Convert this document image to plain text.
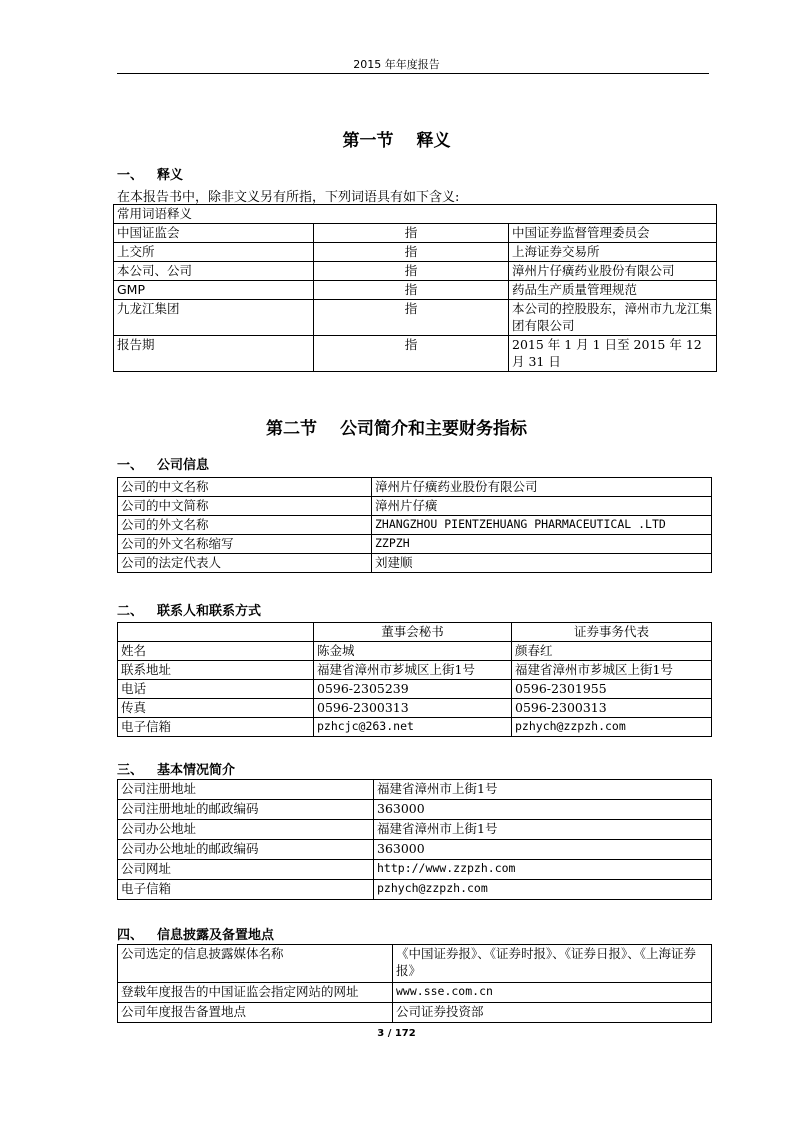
2015 年年度报告
第一节　 释义
一、 释义
在本报告书中，除非文义另有所指，下列词语具有如下含义:
常用词语释义		
中国证监会	指	中国证券监督管理委员会
上交所	指	上海证券交易所
本公司、公司	指	漳州片仔癀药业股份有限公司
GMP	指	药品生产质量管理规范
九龙江集团	指	本公司的控股股东，漳州市九龙江集团有限公司
报告期	指	2015 年 1 月 1 日至 2015 年 12 月 31 日
第二节　 公司简介和主要财务指标
一、 公司信息
公司的中文名称	漳州片仔癀药业股份有限公司
公司的中文简称	漳州片仔癀
公司的外文名称	ZHANGZHOU PIENTZEHUANG PHARMACEUTICAL .LTD
公司的外文名称缩写	ZZPZH
公司的法定代表人	刘建顺
二、 联系人和联系方式
	董事会秘书	证券事务代表
姓名	陈金城	颜春红
联系地址	福建省漳州市芗城区上街1号	福建省漳州市芗城区上街1号
电话	0596-2305239	0596-2301955
传真	0596-2300313	0596-2300313
电子信箱	pzhcjc@263.net	pzhych@zzpzh.com
三、 基本情况简介
公司注册地址	福建省漳州市上街1号
公司注册地址的邮政编码	363000
公司办公地址	福建省漳州市上街1号
公司办公地址的邮政编码	363000
公司网址	http://www.zzpzh.com
电子信箱	pzhych@zzpzh.com
四、 信息披露及备置地点
公司选定的信息披露媒体名称	《中国证券报》、《证券时报》、《证券日报》、《上海证券报》
登载年度报告的中国证监会指定网站的网址	www.sse.com.cn
公司年度报告备置地点	公司证券投资部
3 / 172
